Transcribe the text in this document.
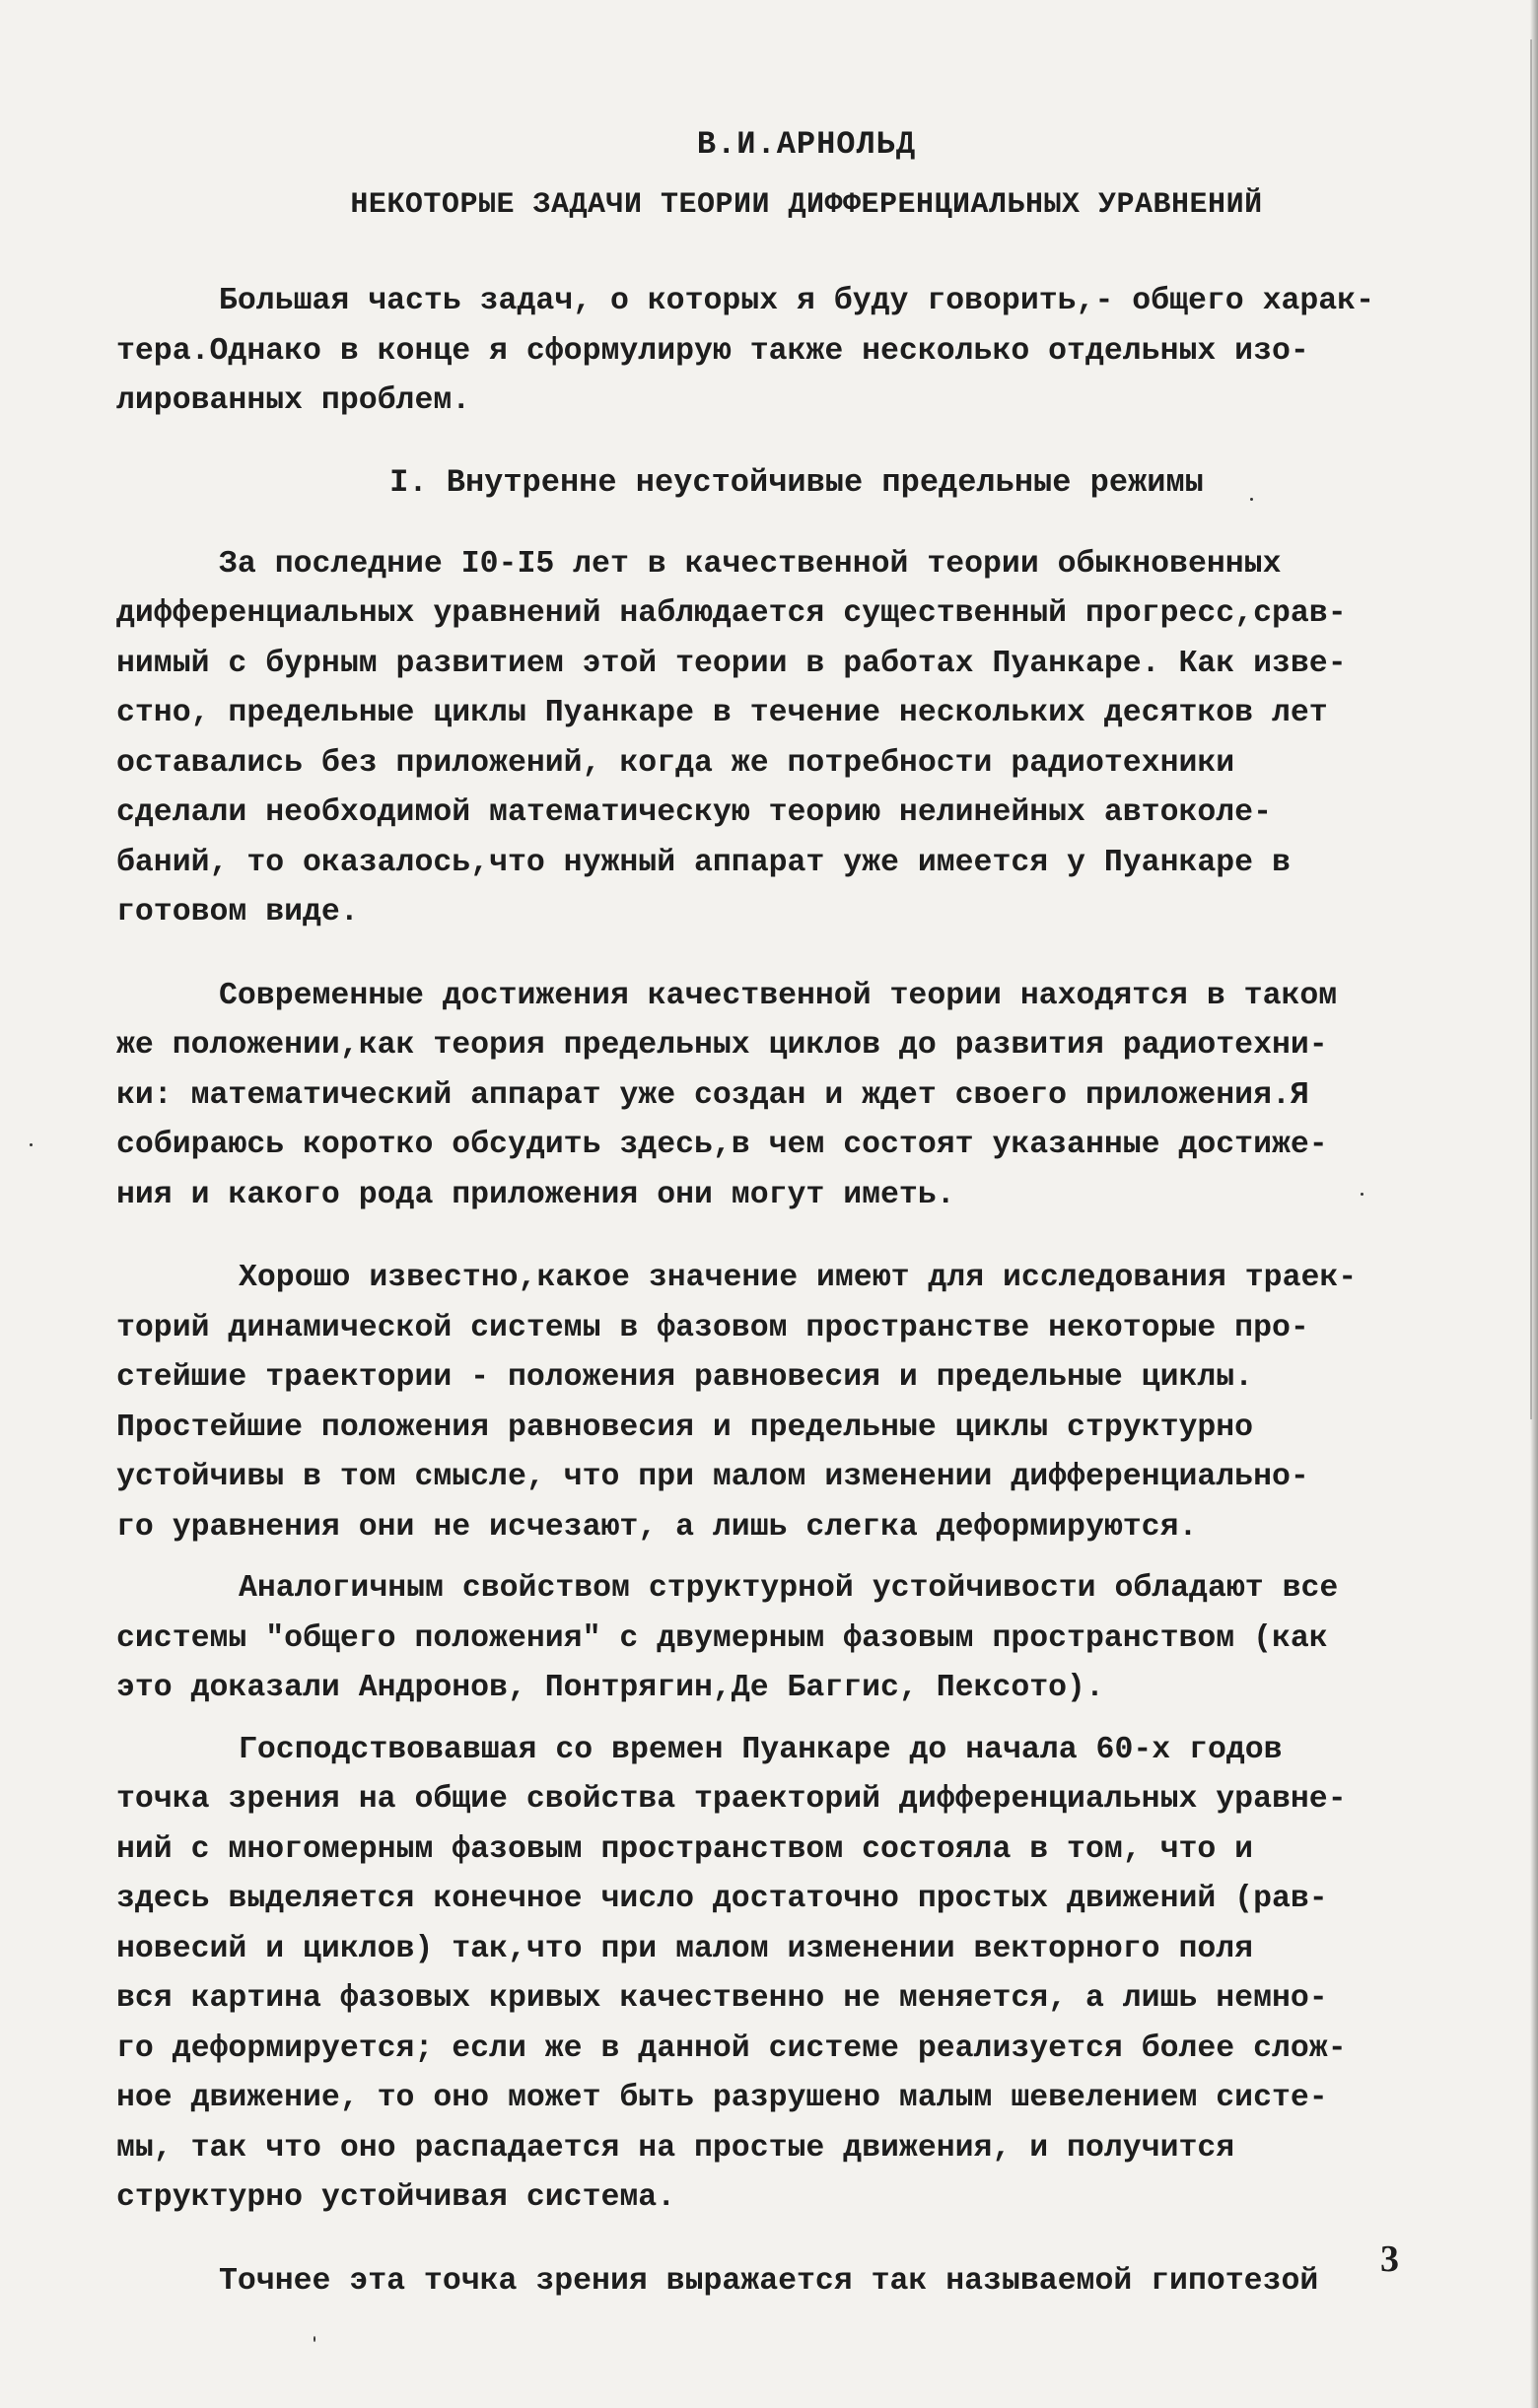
В.И.АРНОЛЬД
НЕКОТОРЫЕ ЗАДАЧИ ТЕОРИИ ДИФФЕРЕНЦИАЛЬНЫХ УРАВНЕНИЙ

Большая часть задач, о которых я буду говорить,- общего харак-
тера.Однако в конце я сформулирую также несколько отдельных изо-
лированных проблем.

I. Внутренне неустойчивые предельные режимы

За последние I0-I5 лет в качественной теории обыкновенных
дифференциальных уравнений наблюдается существенный прогресс,срав-
нимый с бурным развитием этой теории в работах Пуанкаре. Как изве-
стно, предельные циклы Пуанкаре в течение нескольких десятков лет
оставались без приложений, когда же потребности радиотехники
сделали необходимой математическую теорию нелинейных автоколе-
баний, то оказалось,что нужный аппарат уже имеется у Пуанкаре в
готовом виде.

Современные достижения качественной теории находятся в таком
же положении,как теория предельных циклов до развития радиотехни-
ки: математический аппарат уже создан и ждет своего приложения.Я
собираюсь коротко обсудить здесь,в чем состоят указанные достиже-
ния и какого рода приложения они могут иметь.

Хорошо известно,какое значение имеют для исследования траек-
торий динамической системы в фазовом пространстве некоторые про-
стейшие траектории - положения равновесия и предельные циклы.
Простейшие положения равновесия и предельные циклы структурно
устойчивы в том смысле, что при малом изменении дифференциально-
го уравнения они не исчезают, а лишь слегка деформируются.

Аналогичным свойством структурной устойчивости обладают все
системы "общего положения" с двумерным фазовым пространством (как
это доказали Андронов, Понтрягин,Де Баггис, Пексото).

Господствовавшая со времен Пуанкаре до начала 60-х годов
точка зрения на общие свойства траекторий дифференциальных уравне-
ний с многомерным фазовым пространством состояла в том, что и
здесь выделяется конечное число достаточно простых движений (рав-
новесий и циклов) так,что при малом изменении векторного поля
вся картина фазовых кривых качественно не меняется, а лишь немно-
го деформируется; если же в данной системе реализуется более слож-
ное движение, то оно может быть разрушено малым шевелением систе-
мы, так что оно распадается на простые движения, и получится
структурно устойчивая система.

Точнее эта точка зрения выражается так называемой гипотезой

3
